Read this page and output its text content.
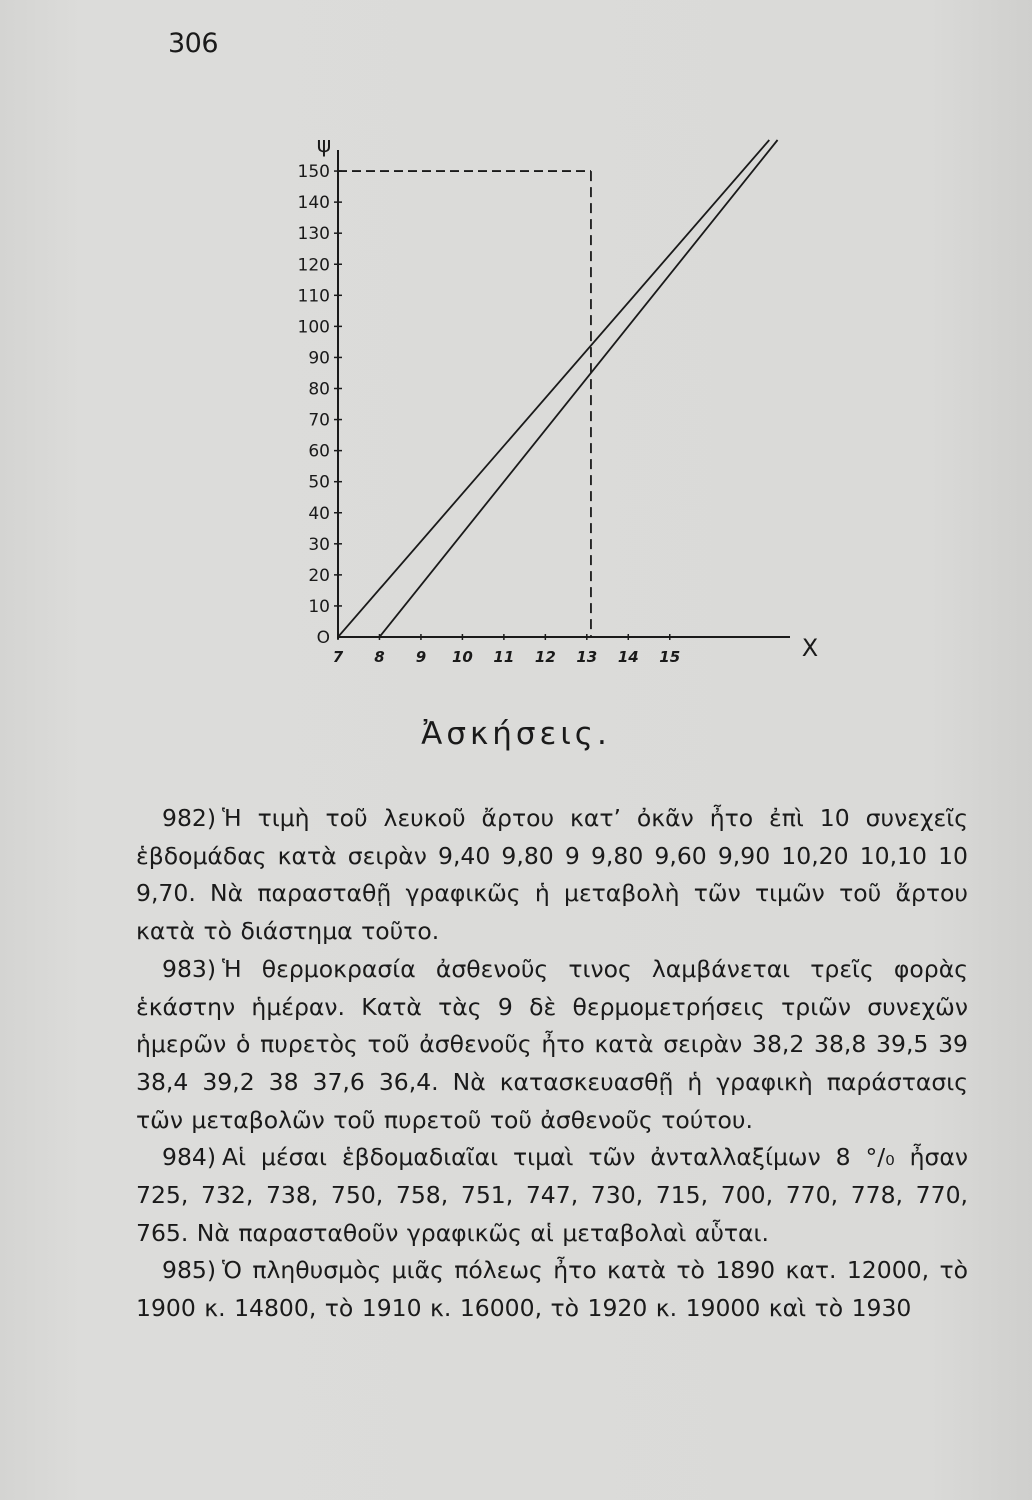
306
150
140
130
120
110
100
90
80
70
60
50
40
30
20
10
O
7 8 9 10 11 12 13 14 15
ψ
X
Ἀσκήσεις.

982) Ἡ τιμὴ τοῦ λευκοῦ ἄρτου κατ’ ὀκᾶν ἦτο ἐπὶ 10 συνεχεῖς ἑβδομάδας κατὰ σειρὰν 9,40 9,80 9 9,80 9,60 9,90 10,20 10,10 10 9,70. Νὰ παρασταθῇ γραφικῶς ἡ μεταβολὴ τῶν τιμῶν τοῦ ἄρτου κατὰ τὸ διάστημα τοῦτο.

983) Ἡ θερμοκρασία ἀσθενοῦς τινος λαμβάνεται τρεῖς φορὰς ἑκάστην ἡμέραν. Κατὰ τὰς 9 δὲ θερμομετρήσεις τριῶν συνεχῶν ἡμερῶν ὁ πυρετὸς τοῦ ἀσθενοῦς ἦτο κατὰ σειρὰν 38,2 38,8 39,5 39 38,4 39,2 38 37,6 36,4. Νὰ κατασκευασθῇ ἡ γραφικὴ παράστασις τῶν μεταβολῶν τοῦ πυρετοῦ τοῦ ἀσθενοῦς τούτου.

984) Αἱ μέσαι ἑβδομαδιαῖαι τιμαὶ τῶν ἀνταλλαξίμων 8 °/₀ ἦσαν 725, 732, 738, 750, 758, 751, 747, 730, 715, 700, 770, 778, 770, 765. Νὰ παρασταθοῦν γραφικῶς αἱ μεταβολαὶ αὗται.

985) Ὁ πληθυσμὸς μιᾶς πόλεως ἦτο κατὰ τὸ 1890 κατ. 12000, τὸ 1900 κ. 14800, τὸ 1910 κ. 16000, τὸ 1920 κ. 19000 καὶ τὸ 1930
